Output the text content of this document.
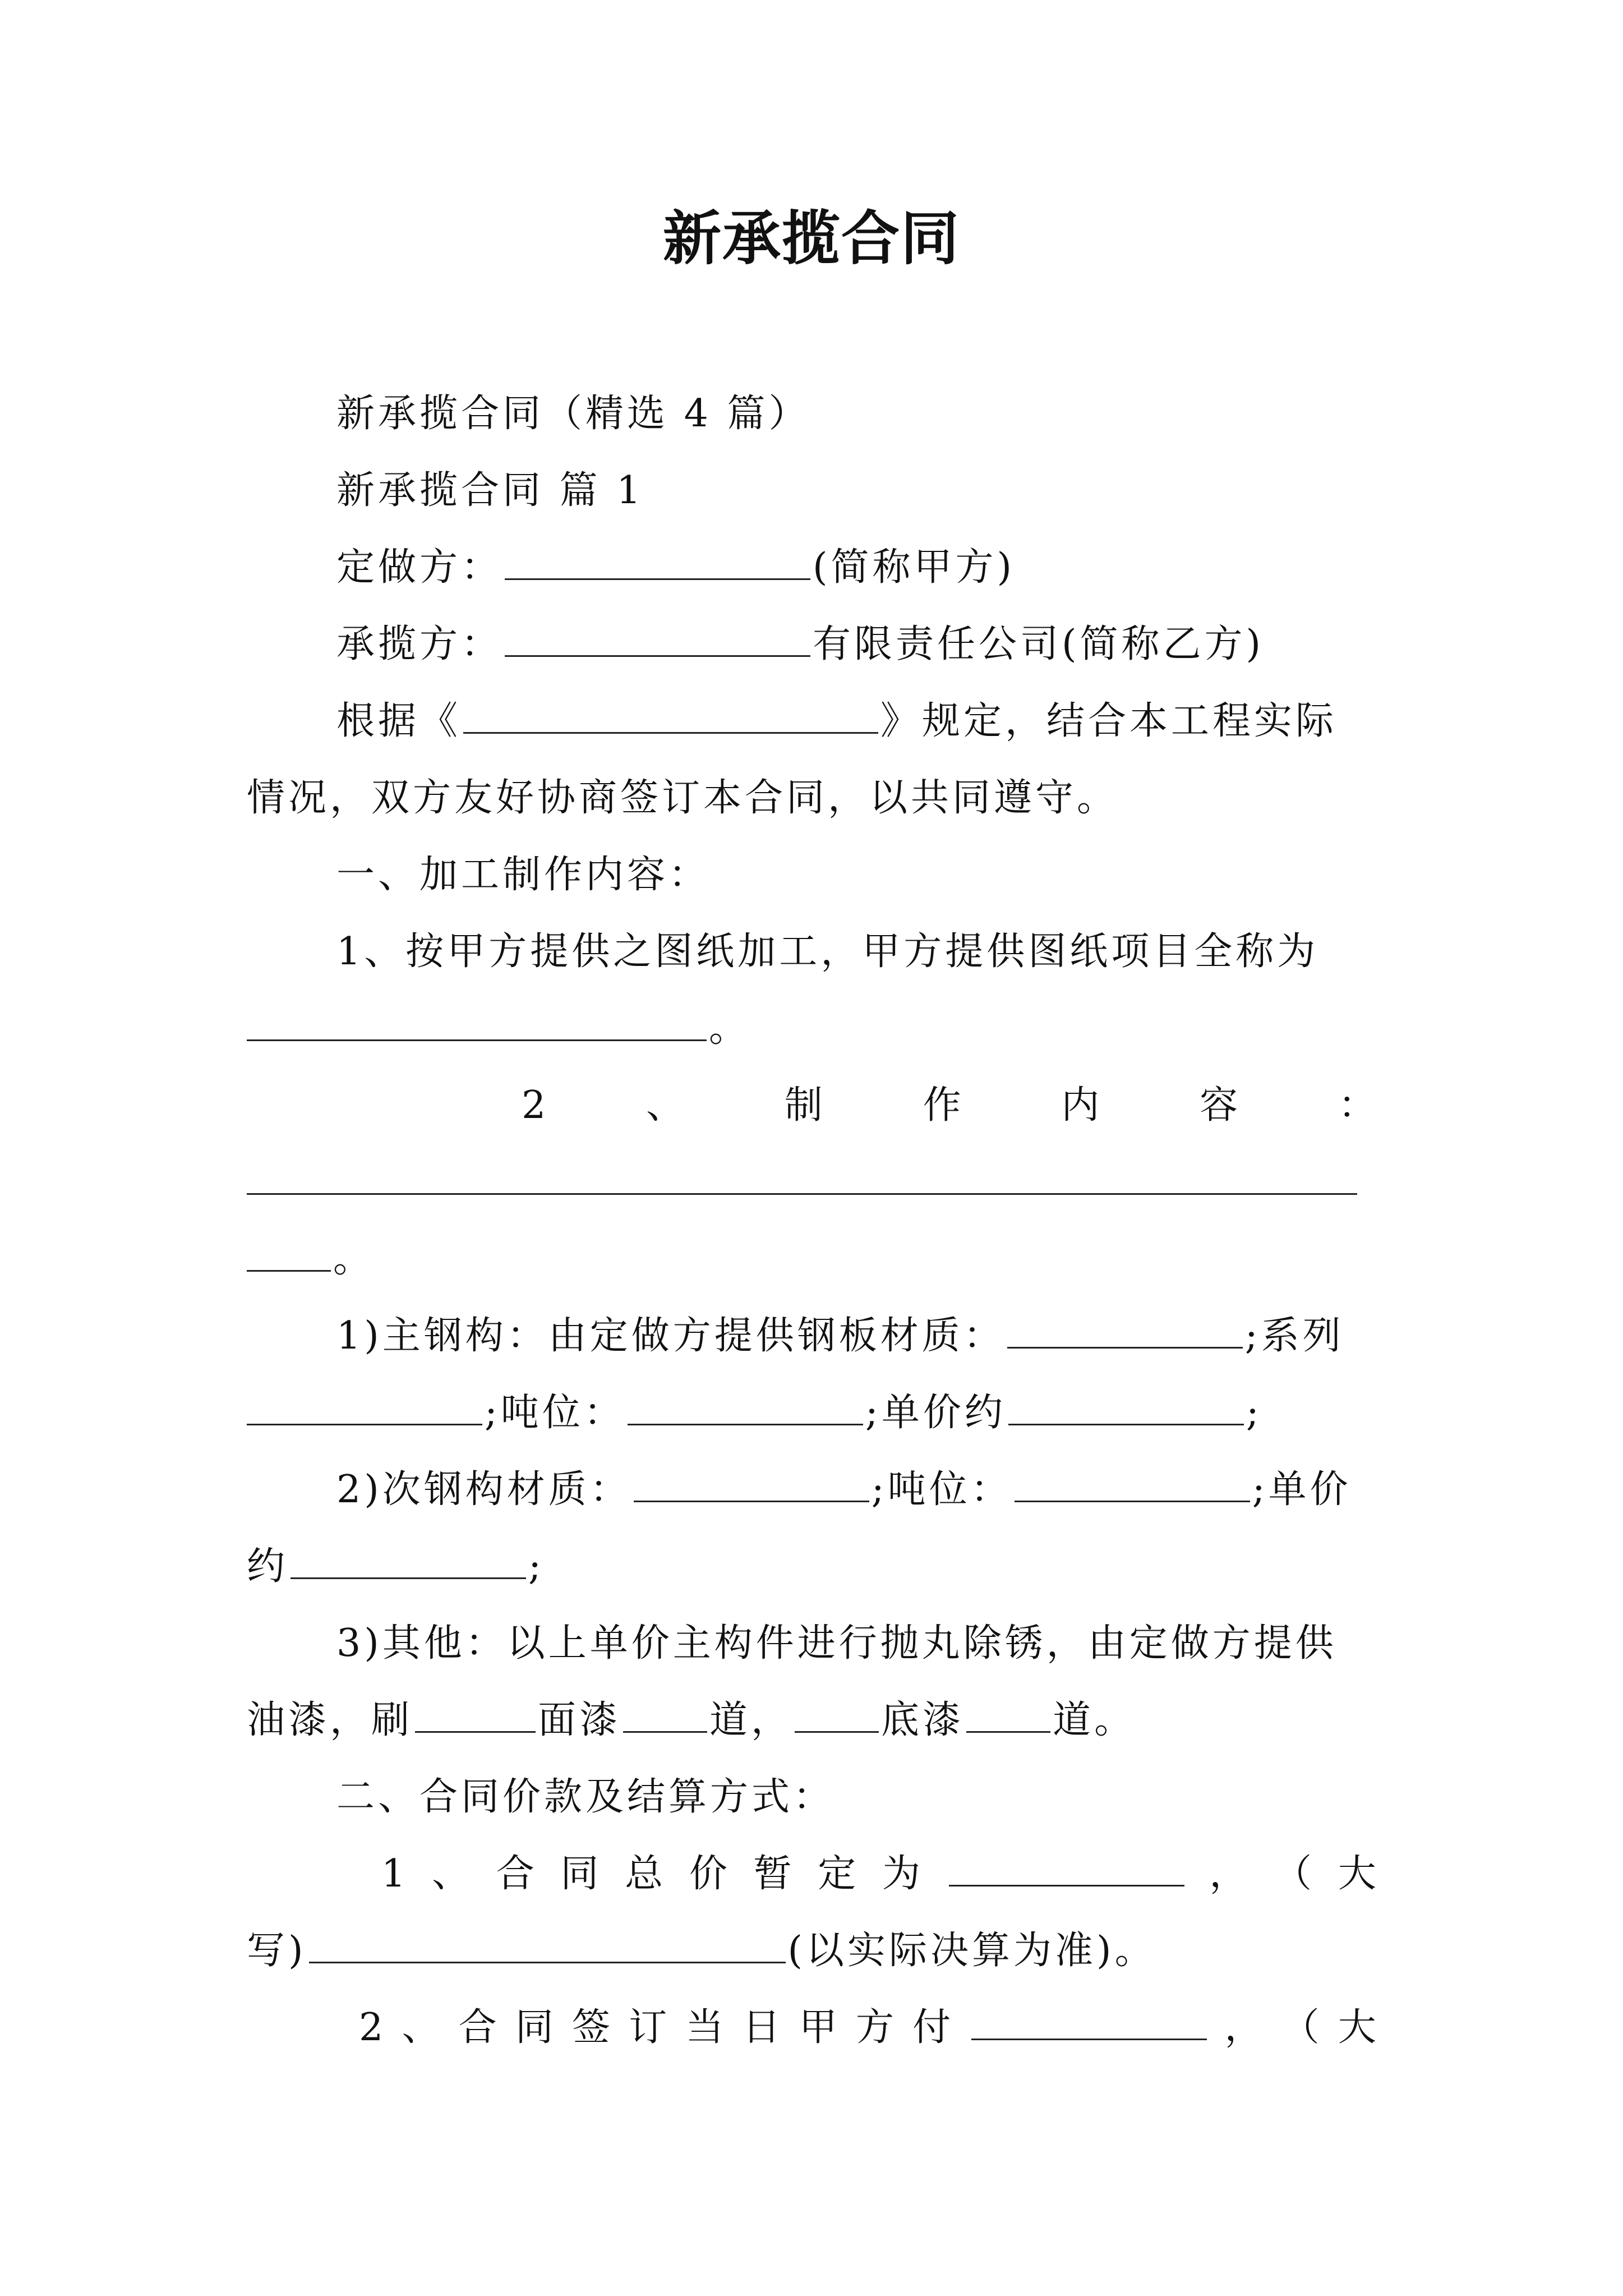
新承揽合同
新承揽合同（精选 4 篇）
新承揽合同 篇 1
定做方：	(简称甲方)
承揽方：	有限责任公司(简称乙方)
根据《	》规定，结合本工程实际
情况，双方友好协商签订本合同，以共同遵守。
一、加工制作内容：
1、按甲方提供之图纸加工，甲方提供图纸项目全称为
。
2	、	制	作	内	容	：
。
1)主钢构：由定做方提供钢板材质：	;系列
;吨位：	;单价约	;
2)次钢构材质：	;吨位：	;单价
约	;
3)其他：以上单价主构件进行抛丸除锈，由定做方提供
油漆，刷	面漆 道， 底漆 道。
二、合同价款及结算方式：
1 、 合 同 总 价 暂 定 为	， （ 大
写)	(以实际决算为准)。
2 、 合 同 签 订 当 日 甲 方 付	， （ 大
